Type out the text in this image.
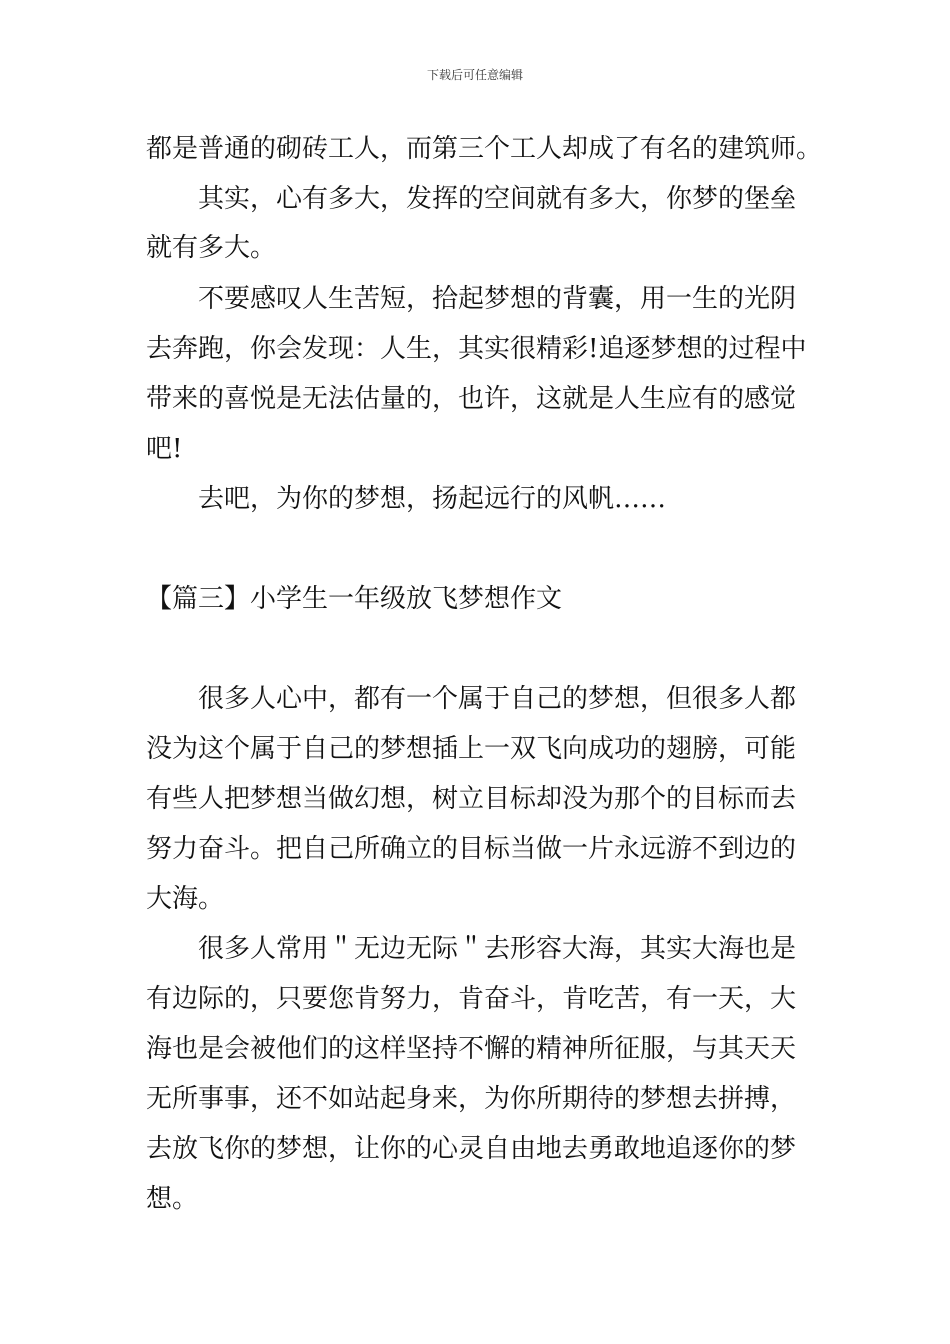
下载后可任意编辑
都是普通的砌砖工人，而第三个工人却成了有名的建筑师。
其实，心有多大，发挥的空间就有多大，你梦的堡垒
就有多大。
不要感叹人生苦短，拾起梦想的背囊，用一生的光阴
去奔跑，你会发现：人生，其实很精彩!追逐梦想的过程中
带来的喜悦是无法估量的，也许，这就是人生应有的感觉
吧!
去吧，为你的梦想，扬起远行的风帆……
【篇三】小学生一年级放飞梦想作文
很多人心中，都有一个属于自己的梦想，但很多人都
没为这个属于自己的梦想插上一双飞向成功的翅膀，可能
有些人把梦想当做幻想，树立目标却没为那个的目标而去
努力奋斗。把自己所确立的目标当做一片永远游不到边的
大海。
很多人常用＂无边无际＂去形容大海，其实大海也是
有边际的，只要您肯努力，肯奋斗，肯吃苦，有一天，大
海也是会被他们的这样坚持不懈的精神所征服，与其天天
无所事事，还不如站起身来，为你所期待的梦想去拼搏，
去放飞你的梦想，让你的心灵自由地去勇敢地追逐你的梦
想。
